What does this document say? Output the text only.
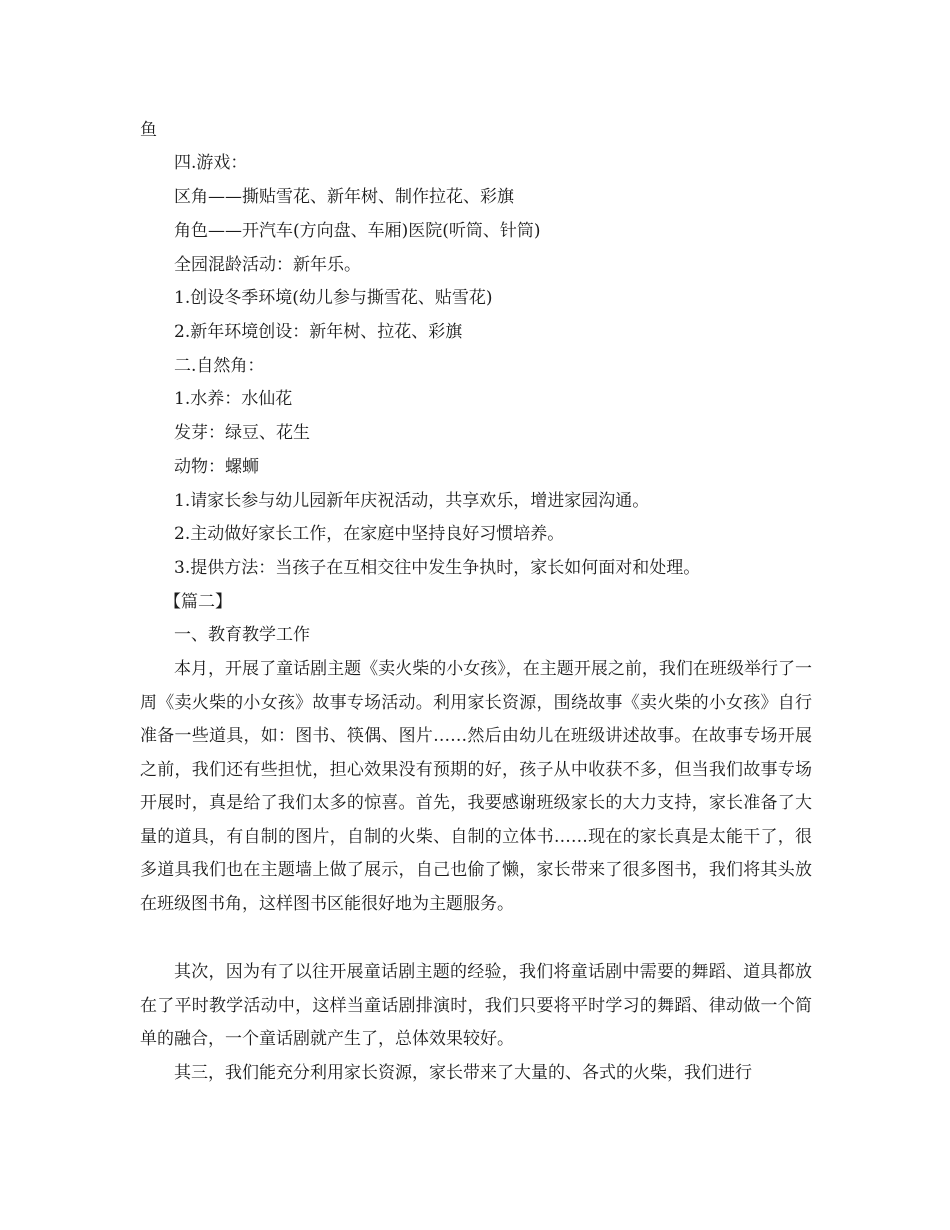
鱼
四.游戏：
区角——撕贴雪花、新年树、制作拉花、彩旗
角色——开汽车(方向盘、车厢)医院(听筒、针筒)
全园混龄活动：新年乐。
1.创设冬季环境(幼儿参与撕雪花、贴雪花)
2.新年环境创设：新年树、拉花、彩旗
二.自然角：
1.水养：水仙花
发芽：绿豆、花生
动物：螺蛳
1.请家长参与幼儿园新年庆祝活动，共享欢乐，增进家园沟通。
2.主动做好家长工作，在家庭中坚持良好习惯培养。
3.提供方法：当孩子在互相交往中发生争执时，家长如何面对和处理。
【篇二】
一、教育教学工作

本月，开展了童话剧主题《卖火柴的小女孩》，在主题开展之前，我们在班级举行了一周《卖火柴的小女孩》故事专场活动。利用家长资源，围绕故事《卖火柴的小女孩》自行准备一些道具，如：图书、筷偶、图片……然后由幼儿在班级讲述故事。在故事专场开展之前，我们还有些担忧，担心效果没有预期的好，孩子从中收获不多，但当我们故事专场开展时，真是给了我们太多的惊喜。首先，我要感谢班级家长的大力支持，家长准备了大量的道具，有自制的图片，自制的火柴、自制的立体书……现在的家长真是太能干了，很多道具我们也在主题墙上做了展示，自己也偷了懒，家长带来了很多图书，我们将其头放在班级图书角，这样图书区能很好地为主题服务。

其次，因为有了以往开展童话剧主题的经验，我们将童话剧中需要的舞蹈、道具都放在了平时教学活动中，这样当童话剧排演时，我们只要将平时学习的舞蹈、律动做一个简单的融合，一个童话剧就产生了，总体效果较好。

其三，我们能充分利用家长资源，家长带来了大量的、各式的火柴，我们进行
